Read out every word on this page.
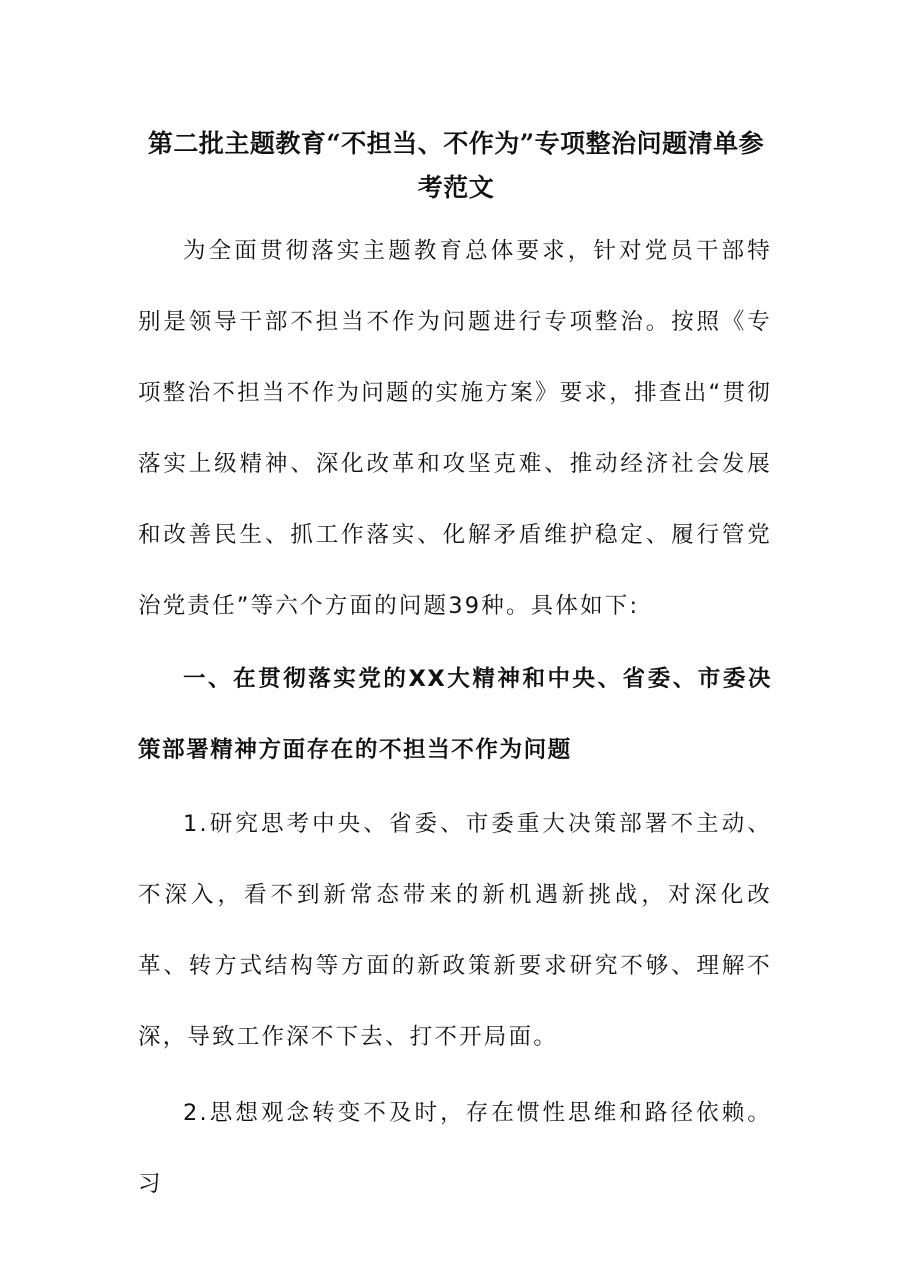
第二批主题教育“不担当、不作为”专项整治问题清单参考范文

为全面贯彻落实主题教育总体要求，针对党员干部特别是领导干部不担当不作为问题进行专项整治。按照《专项整治不担当不作为问题的实施方案》要求，排查出“贯彻落实上级精神、深化改革和攻坚克难、推动经济社会发展和改善民生、抓工作落实、化解矛盾维护稳定、履行管党治党责任”等六个方面的问题39种。具体如下:

一、在贯彻落实党的XX大精神和中央、省委、市委决策部署精神方面存在的不担当不作为问题

1.研究思考中央、省委、市委重大决策部署不主动、不深入，看不到新常态带来的新机遇新挑战，对深化改革、转方式结构等方面的新政策新要求研究不够、理解不深，导致工作深不下去、打不开局面。

2.思想观念转变不及时，存在惯性思维和路径依赖。习
